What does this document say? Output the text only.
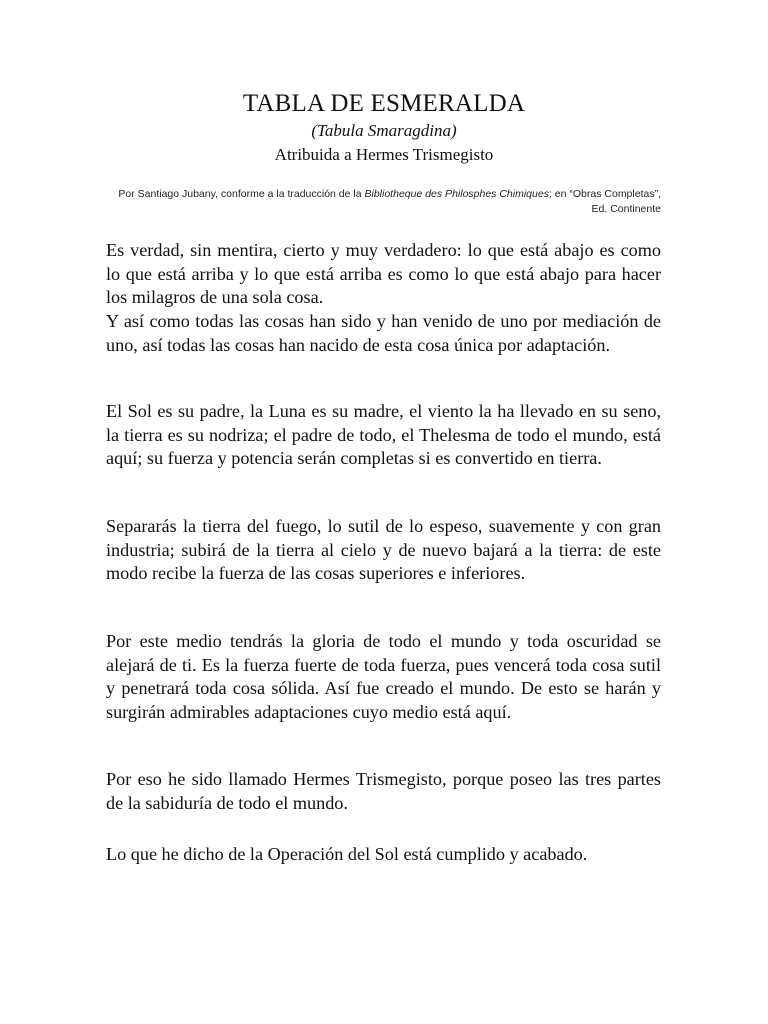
TABLA DE ESMERALDA

(Tabula Smaragdina)

Atribuida a Hermes Trismegisto

Por Santiago Jubany, conforme a la traducción de la Bibliotheque des Philosphes Chimiques; en “Obras Completas”, Ed. Continente

Es verdad, sin mentira, cierto y muy verdadero: lo que está abajo es como lo que está arriba y lo que está arriba es como lo que está abajo para hacer los milagros de una sola cosa.

Y así como todas las cosas han sido y han venido de uno por mediación de uno, así todas las cosas han nacido de esta cosa única por adaptación.

El Sol es su padre, la Luna es su madre, el viento la ha llevado en su seno, la tierra es su nodriza; el padre de todo, el Thelesma de todo el mundo, está aquí; su fuerza y potencia serán completas si es convertido en tierra.

Separarás la tierra del fuego, lo sutil de lo espeso, suavemente y con gran industria; subirá de la tierra al cielo y de nuevo bajará a la tierra: de este modo recibe la fuerza de las cosas superiores e inferiores.

Por este medio tendrás la gloria de todo el mundo y toda oscuridad se alejará de ti. Es la fuerza fuerte de toda fuerza, pues vencerá toda cosa sutil y penetrará toda cosa sólida. Así fue creado el mundo. De esto se harán y surgirán admirables adaptaciones cuyo medio está aquí.

Por eso he sido llamado Hermes Trismegisto, porque poseo las tres partes de la sabiduría de todo el mundo.

Lo que he dicho de la Operación del Sol está cumplido y acabado.
